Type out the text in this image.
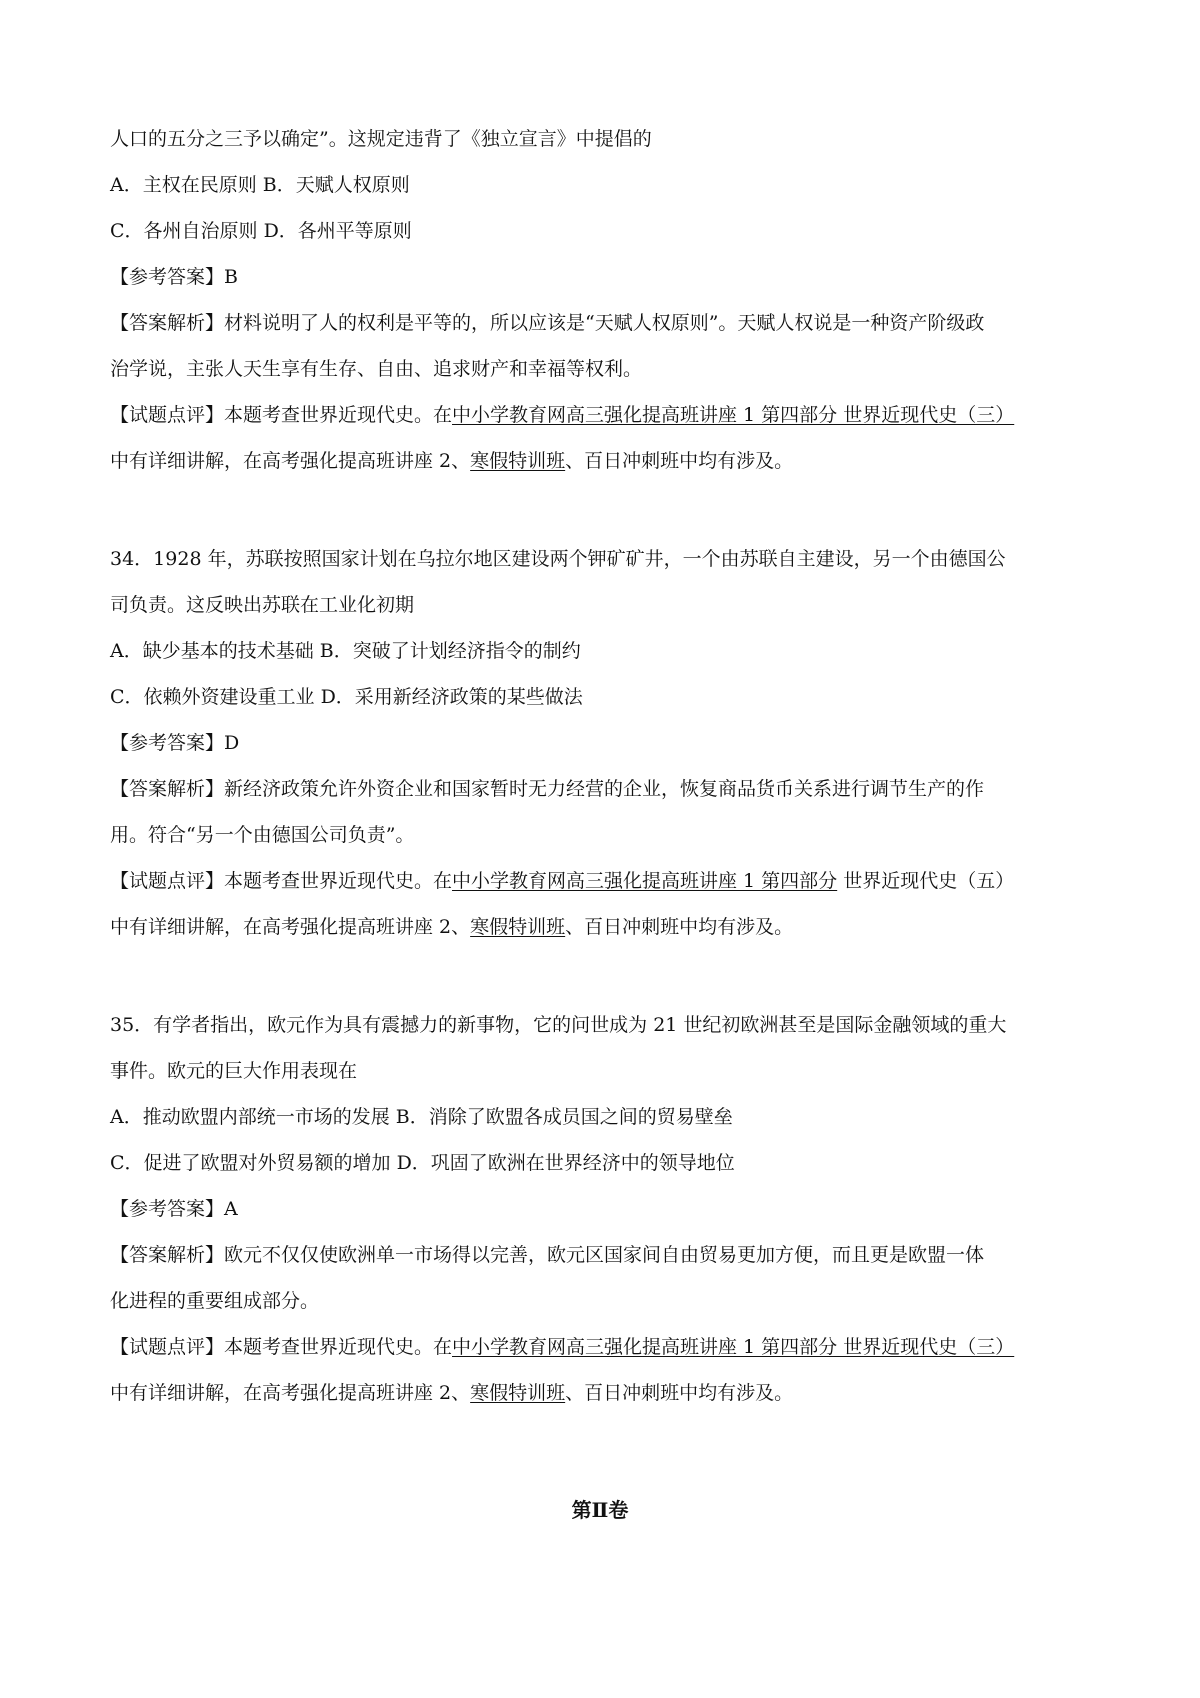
人口的五分之三予以确定”。这规定违背了《独立宣言》中提倡的
A．主权在民原则 B．天赋人权原则
C．各州自治原则 D．各州平等原则
【参考答案】B
【答案解析】材料说明了人的权利是平等的，所以应该是“天赋人权原则”。天赋人权说是一种资产阶级政
治学说，主张人天生享有生存、自由、追求财产和幸福等权利。
【试题点评】本题考查世界近现代史。在中小学教育网高三强化提高班讲座 1 第四部分 世界近现代史（三）
中有详细讲解，在高考强化提高班讲座 2、寒假特训班、百日冲刺班中均有涉及。
34．1928 年，苏联按照国家计划在乌拉尔地区建设两个钾矿矿井，一个由苏联自主建设，另一个由德国公
司负责。这反映出苏联在工业化初期
A．缺少基本的技术基础 B．突破了计划经济指令的制约
C．依赖外资建设重工业 D．采用新经济政策的某些做法
【参考答案】D
【答案解析】新经济政策允许外资企业和国家暂时无力经营的企业，恢复商品货币关系进行调节生产的作
用。符合“另一个由德国公司负责”。
【试题点评】本题考查世界近现代史。在中小学教育网高三强化提高班讲座 1 第四部分 世界近现代史（五）
中有详细讲解，在高考强化提高班讲座 2、寒假特训班、百日冲刺班中均有涉及。
35．有学者指出，欧元作为具有震撼力的新事物，它的问世成为 21 世纪初欧洲甚至是国际金融领域的重大
事件。欧元的巨大作用表现在
A．推动欧盟内部统一市场的发展 B．消除了欧盟各成员国之间的贸易壁垒
C．促进了欧盟对外贸易额的增加 D．巩固了欧洲在世界经济中的领导地位
【参考答案】A
【答案解析】欧元不仅仅使欧洲单一市场得以完善，欧元区国家间自由贸易更加方便，而且更是欧盟一体
化进程的重要组成部分。
【试题点评】本题考查世界近现代史。在中小学教育网高三强化提高班讲座 1 第四部分 世界近现代史（三）
中有详细讲解，在高考强化提高班讲座 2、寒假特训班、百日冲刺班中均有涉及。
第Ⅱ卷
